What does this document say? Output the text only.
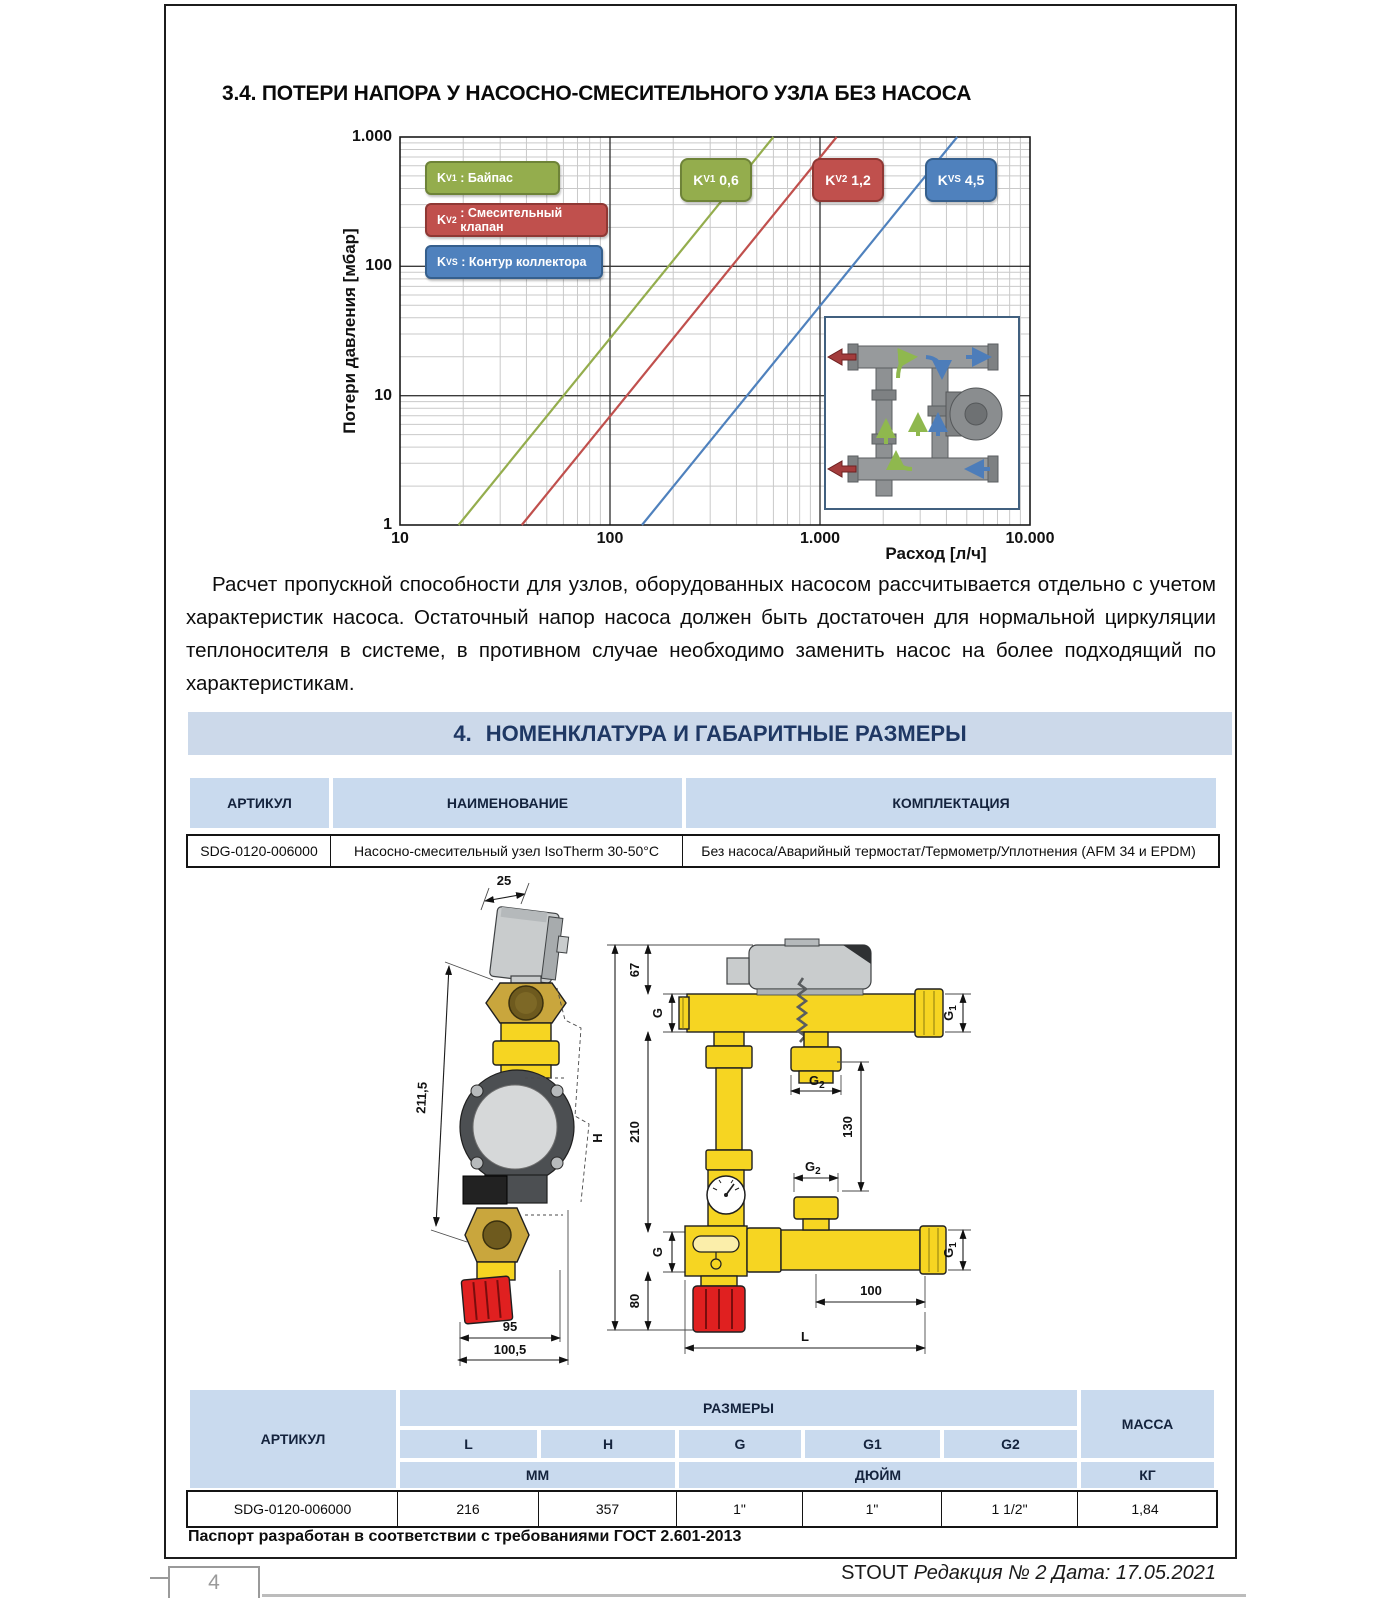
3.4. ПОТЕРИ НАПОРА У НАСОСНО-СМЕСИТЕЛЬНОГО УЗЛА БЕЗ НАСОСА
1.000
100
10
1
10	100	1.000	10.000
Расход [л/ч]
Потери давления [мбар]
K V1
: Байпас
K V2
: Смесительный клапан
K VS
: Контур коллектора
K V1
0,6	K V2
1,2	K VS
4,5

Расчет пропускной способности для узлов, оборудованных насосом рассчитывается отдельно с учетом характеристик насоса. Остаточный напор насоса должен быть достаточен для нормальной циркуляции теплоносителя в системе, в противном случае необходимо заменить насос на более подходящий по характеристикам.

4. НОМЕНКЛАТУРА И ГАБАРИТНЫЕ РАЗМЕРЫ
АРТИКУЛ	НАИМЕНОВАНИЕ	КОМПЛЕКТАЦИЯ
SDG-0120-006000	Насосно-смесительный узел IsoTherm 30-50°C	Без насоса/Аварийный термостат/Термометр/Уплотнения (AFM 34 и EPDM)
25
211,5
95
100,5
H
67
G
210
G
80
$G_2$
$G_2$
130
$G_1$
$G_1$
100
L
АРТИКУЛ
РАЗМЕРЫ
МАССА
L	H	G	G1	G2
ММ	ДЮЙМ	КГ
SDG-0120-006000	216	357	1"	1"	1 1/2"	1,84
Паспорт разработан в соответствии с требованиями ГОСТ 2.601-2013
4	STOUT Редакция № 2 Дата: 17.05.2021
